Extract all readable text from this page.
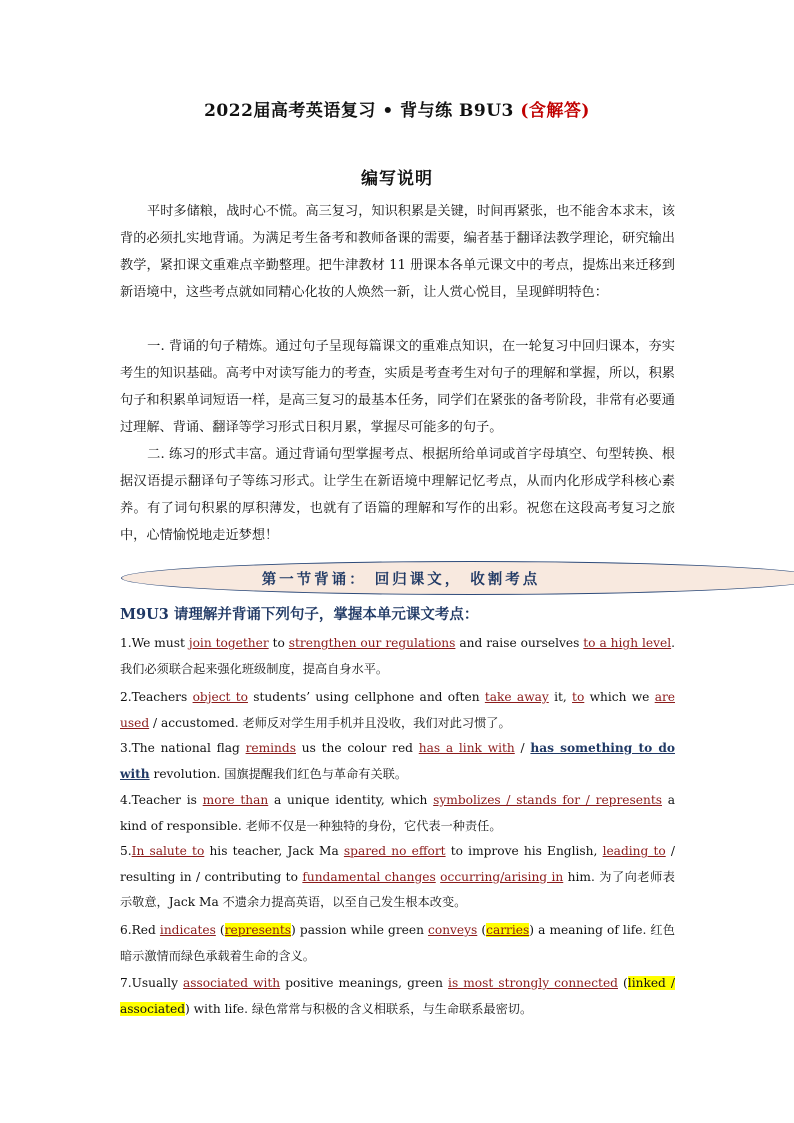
2022届高考英语复习 • 背与练 B9U3 (含解答)
编写说明
平时多储粮，战时心不慌。高三复习，知识积累是关键，时间再紧张，也不能舍本求末，该背的必须扎实地背诵。为满足考生备考和教师备课的需要，编者基于翻译法教学理论，研究输出教学，紧扣课文重难点辛勤整理。把牛津教材 11 册课本各单元课文中的考点，提炼出来迁移到新语境中，这些考点就如同精心化妆的人焕然一新，让人赏心悦目，呈现鲜明特色：
一. 背诵的句子精炼。通过句子呈现每篇课文的重难点知识，在一轮复习中回归课本，夯实考生的知识基础。高考中对读写能力的考查，实质是考查考生对句子的理解和掌握，所以，积累句子和积累单词短语一样，是高三复习的最基本任务，同学们在紧张的备考阶段，非常有必要通过理解、背诵、翻译等学习形式日积月累，掌握尽可能多的句子。
二. 练习的形式丰富。通过背诵句型掌握考点、根据所给单词或首字母填空、句型转换、根据汉语提示翻译句子等练习形式。让学生在新语境中理解记忆考点，从而内化形成学科核心素养。有了词句积累的厚积薄发，也就有了语篇的理解和写作的出彩。祝您在这段高考复习之旅中，心情愉悦地走近梦想！
第一节背诵： 回归课文， 收割考点
M9U3 请理解并背诵下列句子，掌握本单元课文考点：
1.We must join together to strengthen our regulations and raise ourselves to a high level. 我们必须联合起来强化班级制度，提高自身水平。
2.Teachers object to students’ using cellphone and often take away it, to which we are used / accustomed. 老师反对学生用手机并且没收，我们对此习惯了。
3.The national flag reminds us the colour red has a link with / has something to do with revolution. 国旗提醒我们红色与革命有关联。
4.Teacher is more than a unique identity, which symbolizes / stands for / represents a kind of responsible. 老师不仅是一种独特的身份，它代表一种责任。
5.In salute to his teacher, Jack Ma spared no effort to improve his English, leading to / resulting in / contributing to fundamental changes occurring/arising in him. 为了向老师表示敬意，Jack Ma 不遗余力提高英语，以至自己发生根本改变。
6.Red indicates (represents) passion while green conveys (carries) a meaning of life. 红色暗示激情而绿色承载着生命的含义。
7.Usually associated with positive meanings, green is most strongly connected (linked / associated) with life. 绿色常常与积极的含义相联系，与生命联系最密切。
